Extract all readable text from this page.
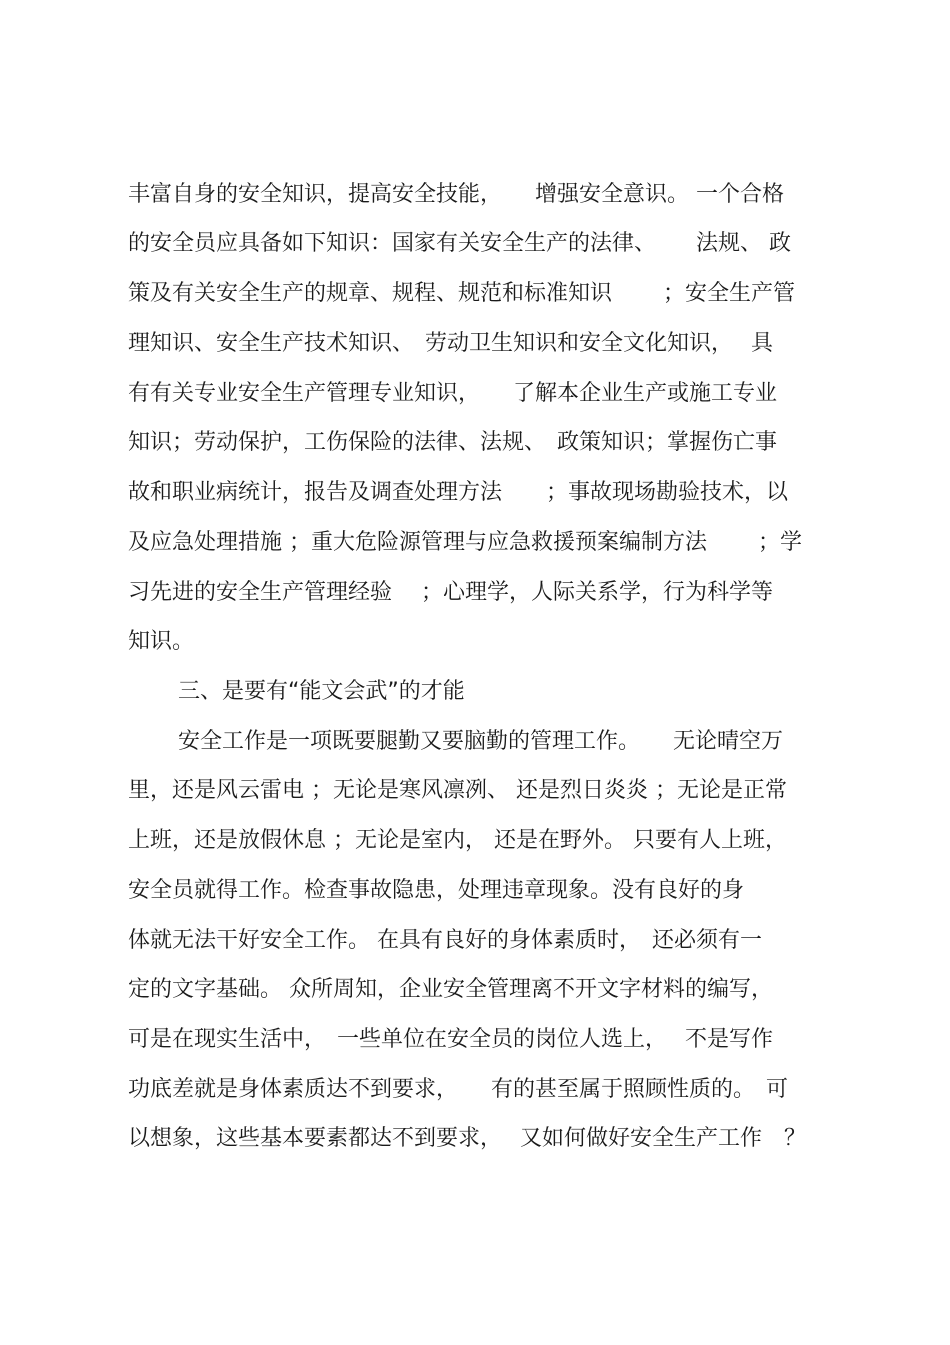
丰富自身的安全知识，提高安全技能，　　增强安全意识。 一个合格

的安全员应具备如下知识：国家有关安全生产的法律、　　 法规、 政

策及有关安全生产的规章、规程、规范和标准知识　　 ；安全生产管

理知识、安全生产技术知识、　劳动卫生知识和安全文化知识，　 具

有有关专业安全生产管理专业知识，　　了解本企业生产或施工专业

知识；劳动保护，工伤保险的法律、法规、　政策知识；掌握伤亡事

故和职业病统计，报告及调查处理方法　　；事故现场勘验技术，以

及应急处理措施 ；重大危险源管理与应急救援预案编制方法　　 ；学

习先进的安全生产管理经验　 ；心理学，人际关系学，行为科学等

知识。

三、是要有“能文会武”的才能

安全工作是一项既要腿勤又要脑勤的管理工作。　　无论晴空万

里，还是风云雷电 ；无论是寒风凛冽、 还是烈日炎炎 ；无论是正常

上班，还是放假休息 ；无论是室内， 还是在野外。 只要有人上班，

安全员就得工作。检查事故隐患，处理违章现象。没有良好的身

体就无法干好安全工作。 在具有良好的身体素质时，　还必须有一

定的文字基础。 众所周知，企业安全管理离不开文字材料的编写，

可是在现实生活中，　一些单位在安全员的岗位人选上，　 不是写作

功底差就是身体素质达不到要求，　　有的甚至属于照顾性质的。　可

以想象，这些基本要素都达不到要求，　 又如何做好安全生产工作　？
